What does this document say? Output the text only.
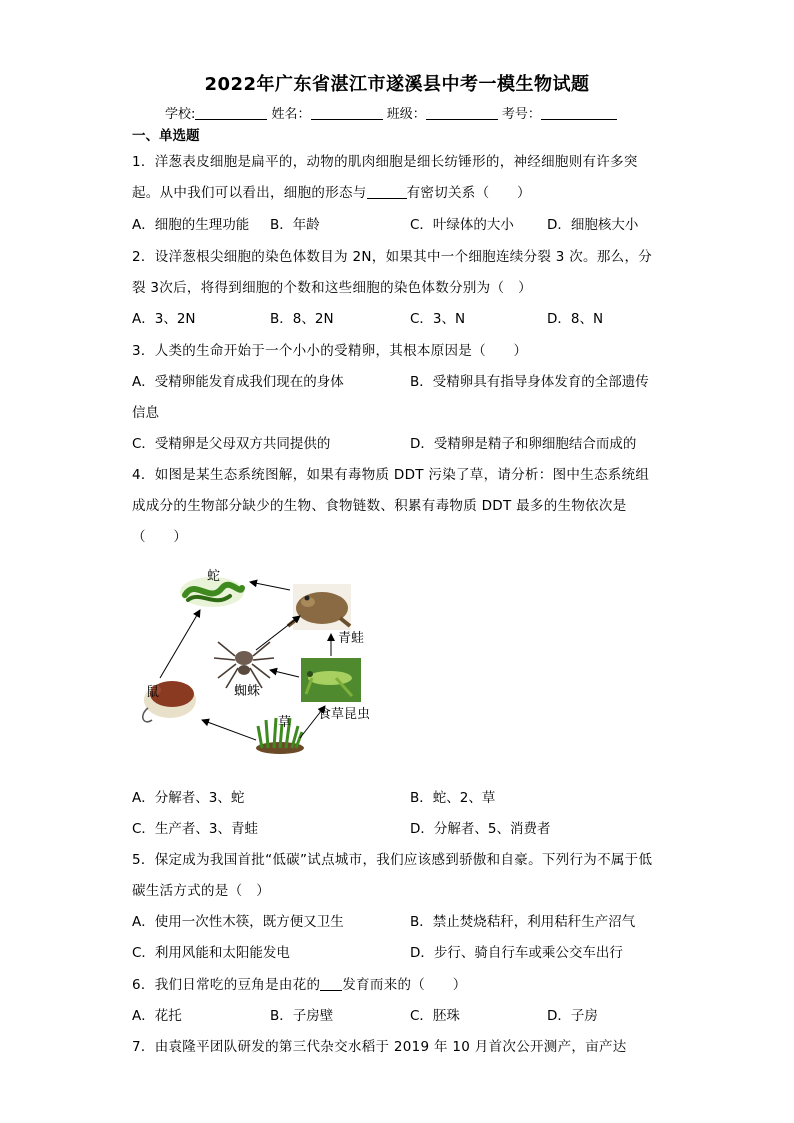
2022年广东省湛江市遂溪县中考一模生物试题
学校:	姓名：	班级：	考号：
一、单选题
1．洋葱表皮细胞是扁平的，动物的肌肉细胞是细长纺锤形的，神经细胞则有许多突
起。从中我们可以看出，细胞的形态与	有密切关系（　　）
A．细胞的生理功能 B．年龄	C．叶绿体的大小 D．细胞核大小
2．设洋葱根尖细胞的染色体数目为 2N，如果其中一个细胞连续分裂 3 次。那么，分
裂 3次后，将得到细胞的个数和这些细胞的染色体数分别为（　）
A．3、2N	B．8、2N	C．3、N	D．8、N
3．人类的生命开始于一个小小的受精卵，其根本原因是（　　）
A．受精卵能发育成我们现在的身体	B．受精卵具有指导身体发育的全部遗传
信息
C．受精卵是父母双方共同提供的	D．受精卵是精子和卵细胞结合而成的
4．如图是某生态系统图解，如果有毒物质 DDT 污染了草，请分析：图中生态系统组
成成分的生物部分缺少的生物、食物链数、积累有毒物质 DDT 最多的生物依次是
（　　）
蛇
青蛙
蜘蛛
食草昆虫
鼠
草
A．分解者、3、蛇	B．蛇、2、草
C．生产者、3、青蛙	D．分解者、5、消费者
5．保定成为我国首批“低碳”试点城市，我们应该感到骄傲和自豪。下列行为不属于低
碳生活方式的是（　）
A．使用一次性木筷，既方便又卫生	B．禁止焚烧秸秆，利用秸秆生产沼气
C．利用风能和太阳能发电	D．步行、骑自行车或乘公交车出行
6．我们日常吃的豆角是由花的 发育而来的（　　）
A．花托	B．子房壁	C．胚珠	D．子房
7．由袁隆平团队研发的第三代杂交水稻于 2019 年 10 月首次公开测产，亩产达
